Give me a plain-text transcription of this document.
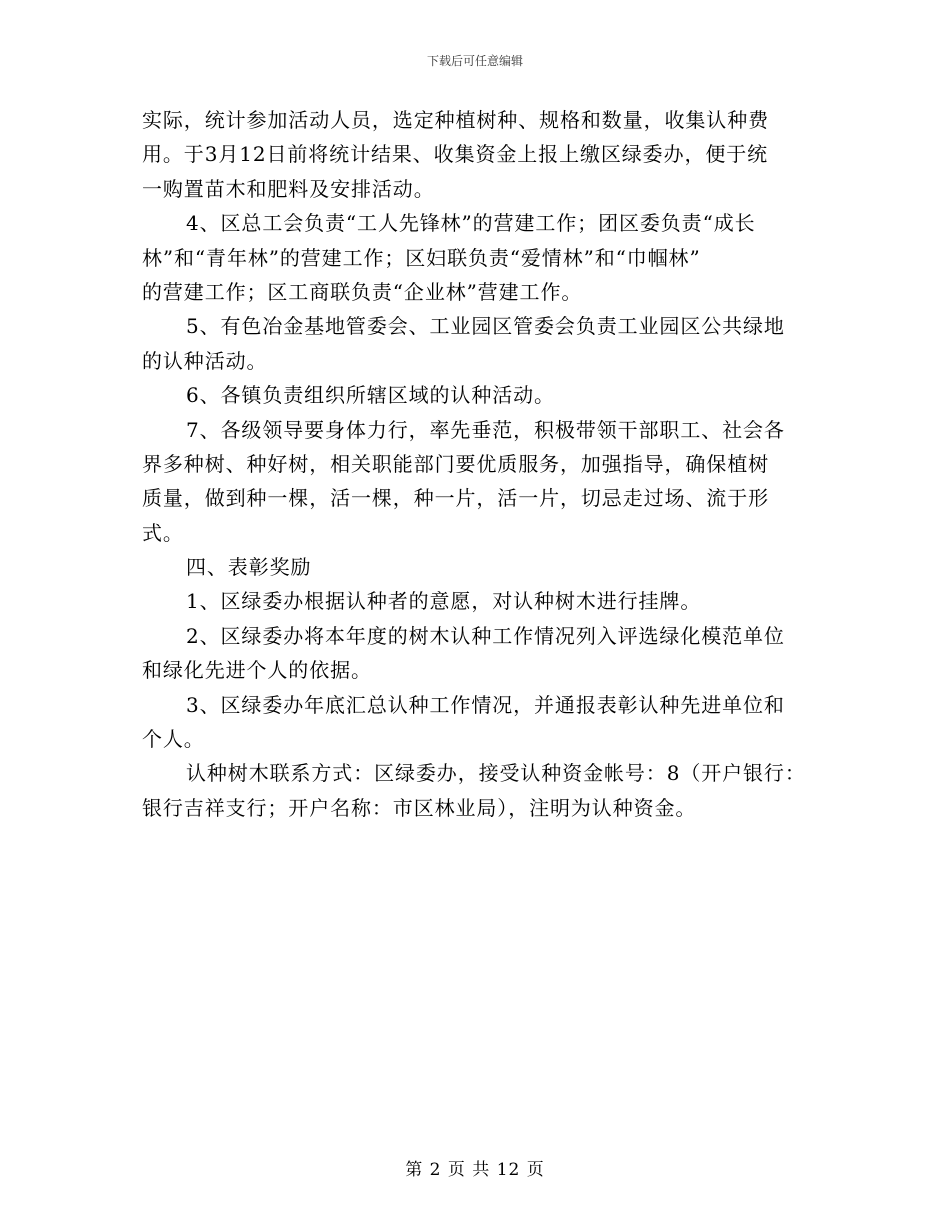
下载后可任意编辑
实际，统计参加活动人员，选定种植树种、规格和数量，收集认种费
用。于3月12日前将统计结果、收集资金上报上缴区绿委办，便于统
一购置苗木和肥料及安排活动。
4、区总工会负责“工人先锋林”的营建工作；团区委负责“成长
林”和“青年林”的营建工作；区妇联负责“爱情林”和“巾帼林”
的营建工作；区工商联负责“企业林”营建工作。
5、有色冶金基地管委会、工业园区管委会负责工业园区公共绿地
的认种活动。
6、各镇负责组织所辖区域的认种活动。
7、各级领导要身体力行，率先垂范，积极带领干部职工、社会各
界多种树、种好树，相关职能部门要优质服务，加强指导，确保植树
质量，做到种一棵，活一棵，种一片，活一片，切忌走过场、流于形
式。
四、表彰奖励
1、区绿委办根据认种者的意愿，对认种树木进行挂牌。
2、区绿委办将本年度的树木认种工作情况列入评选绿化模范单位
和绿化先进个人的依据。
3、区绿委办年底汇总认种工作情况，并通报表彰认种先进单位和
个人。
认种树木联系方式：区绿委办，接受认种资金帐号：8（开户银行：
银行吉祥支行；开户名称：市区林业局），注明为认种资金。
第 2 页 共 12 页
